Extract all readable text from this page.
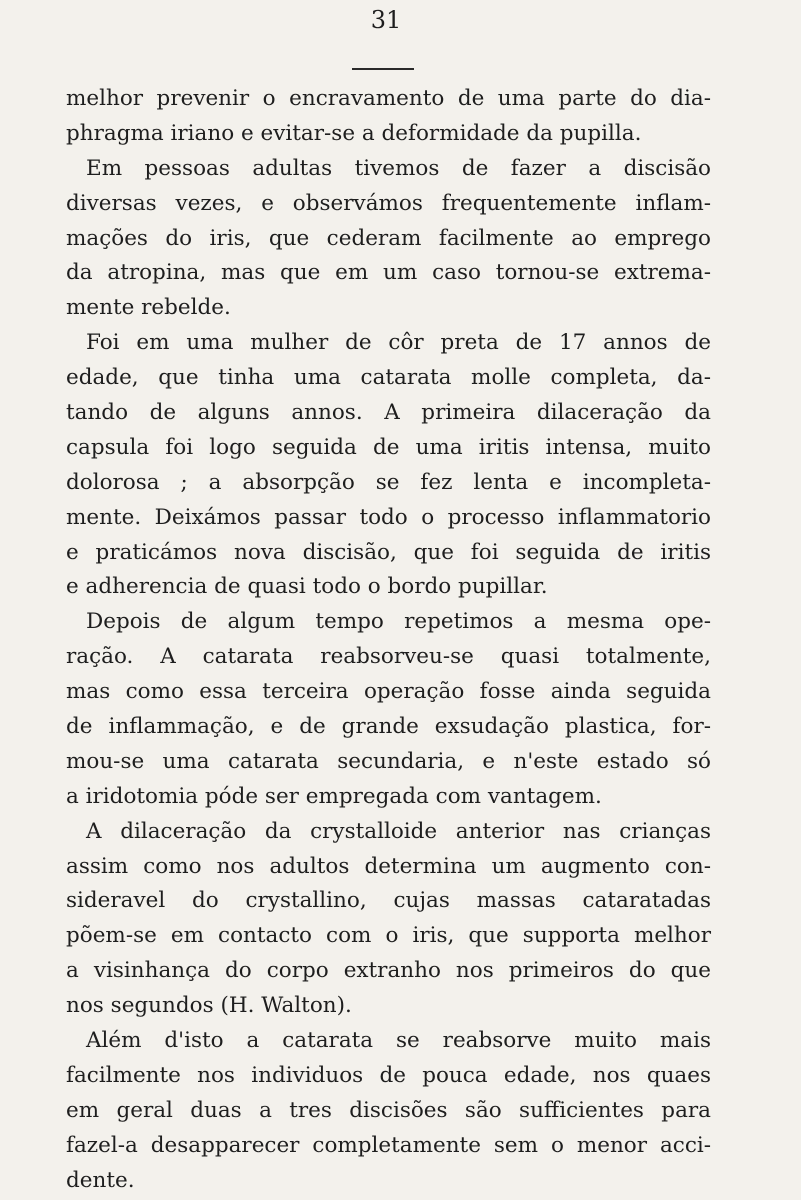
31
melhor prevenir o encravamento de uma parte do dia-
phragma iriano e evitar-se a deformidade da pupilla.
Em pessoas adultas tivemos de fazer a discisão
diversas vezes, e observámos frequentemente inflam-
mações do iris, que cederam facilmente ao emprego
da atropina, mas que em um caso tornou-se extrema-
mente rebelde.
Foi em uma mulher de côr preta de 17 annos de
edade, que tinha uma catarata molle completa, da-
tando de alguns annos. A primeira dilaceração da
capsula foi logo seguida de uma iritis intensa, muito
dolorosa ; a absorpção se fez lenta e incompleta-
mente. Deixámos passar todo o processo inflammatorio
e praticámos nova discisão, que foi seguida de iritis
e adherencia de quasi todo o bordo pupillar.
Depois de algum tempo repetimos a mesma ope-
ração. A catarata reabsorveu-se quasi totalmente,
mas como essa terceira operação fosse ainda seguida
de inflammação, e de grande exsudação plastica, for-
mou-se uma catarata secundaria, e n'este estado só
a iridotomia póde ser empregada com vantagem.
A dilaceração da crystalloide anterior nas crianças
assim como nos adultos determina um augmento con-
sideravel do crystallino, cujas massas cataratadas
põem-se em contacto com o iris, que supporta melhor
a visinhança do corpo extranho nos primeiros do que
nos segundos (H. Walton).
Além d'isto a catarata se reabsorve muito mais
facilmente nos individuos de pouca edade, nos quaes
em geral duas a tres discisões são sufficientes para
fazel-a desapparecer completamente sem o menor acci-
dente.
